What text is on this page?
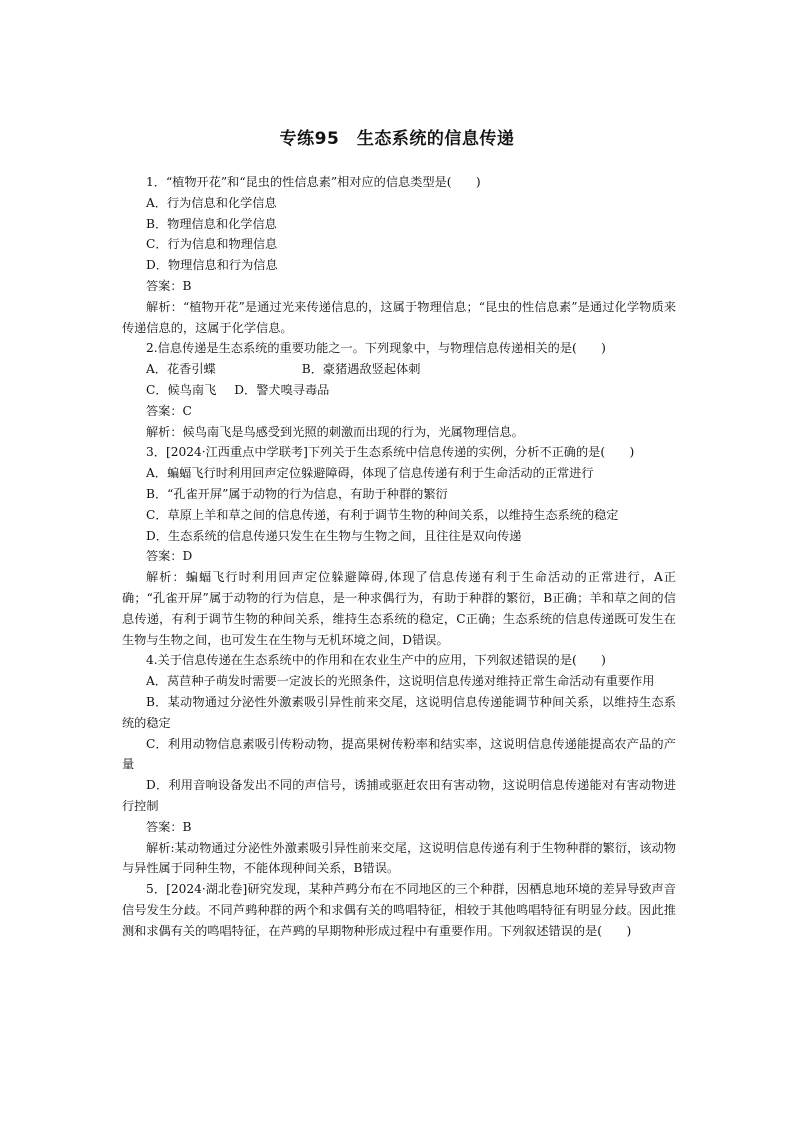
专练95　生态系统的信息传递

1．“植物开花”和“昆虫的性信息素”相对应的信息类型是(　　)

A．行为信息和化学信息

B．物理信息和化学信息

C．行为信息和物理信息

D．物理信息和行为信息

答案：B

解析：“植物开花”是通过光来传递信息的，这属于物理信息；“昆虫的性信息素”是通过化学物质来传递信息的，这属于化学信息。

2.信息传递是生态系统的重要功能之一。下列现象中，与物理信息传递相关的是(　　)

A．花香引蝶	B．豪猪遇敌竖起体刺

C．候鸟南飞 D．警犬嗅寻毒品

答案：C

解析：候鸟南飞是鸟感受到光照的刺激而出现的行为，光属物理信息。

3．[2024·江西重点中学联考]下列关于生态系统中信息传递的实例，分析不正确的是(　　)

A．蝙蝠飞行时利用回声定位躲避障碍，体现了信息传递有利于生命活动的正常进行

B．“孔雀开屏”属于动物的行为信息，有助于种群的繁衍

C．草原上羊和草之间的信息传递，有利于调节生物的种间关系，以维持生态系统的稳定

D．生态系统的信息传递只发生在生物与生物之间，且往往是双向传递

答案：D

解析：蝙蝠飞行时利用回声定位躲避障碍,体现了信息传递有利于生命活动的正常进行，A正确；“孔雀开屏”属于动物的行为信息，是一种求偶行为，有助于种群的繁衍，B正确；羊和草之间的信息传递，有利于调节生物的种间关系，维持生态系统的稳定，C正确；生态系统的信息传递既可发生在生物与生物之间，也可发生在生物与无机环境之间，D错误。

4.关于信息传递在生态系统中的作用和在农业生产中的应用，下列叙述错误的是(　　)

A．莴苣种子萌发时需要一定波长的光照条件，这说明信息传递对维持正常生命活动有重要作用

B．某动物通过分泌性外激素吸引异性前来交尾，这说明信息传递能调节种间关系，以维持生态系统的稳定

C．利用动物信息素吸引传粉动物，提高果树传粉率和结实率，这说明信息传递能提高农产品的产量

D．利用音响设备发出不同的声信号，诱捕或驱赶农田有害动物，这说明信息传递能对有害动物进行控制

答案：B

解析:某动物通过分泌性外激素吸引异性前来交尾，这说明信息传递有利于生物种群的繁衍，该动物与异性属于同种生物，不能体现种间关系，B错误。

5．[2024·湖北卷]研究发现，某种芦鹀分布在不同地区的三个种群，因栖息地环境的差异导致声音信号发生分歧。不同芦鹀种群的两个和求偶有关的鸣唱特征，相较于其他鸣唱特征有明显分歧。因此推测和求偶有关的鸣唱特征，在芦鹀的早期物种形成过程中有重要作用。下列叙述错误的是(　　)
